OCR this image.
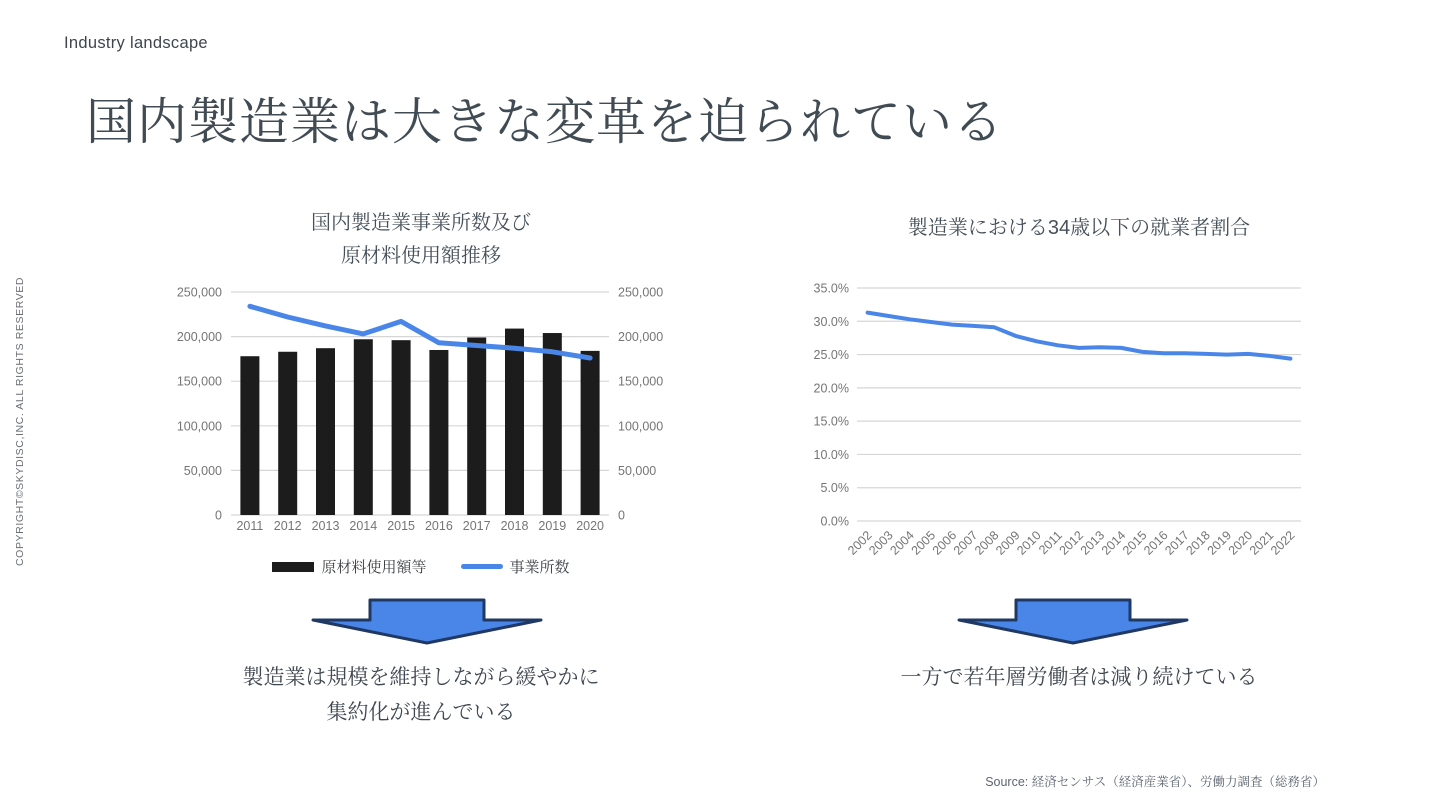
Industry landscape
国内製造業は大きな変革を迫られている
COPYRIGHT©SKYDISC,INC. ALL RIGHTS RESERVED
国内製造業事業所数及び
原材料使用額推移
0	0
50,000	50,000
100,000	100,000
150,000	150,000
200,000	200,000
250,000	250,000
2011 2012 2013 2014 2015 2016 2017 2018 2019 2020
原材料使用額等	事業所数
製造業は規模を維持しながら緩やかに
集約化が進んでいる
製造業における34歳以下の就業者割合
0.0%
5.0%
10.0%
15.0%
20.0%
25.0%
30.0%
35.0%
2002
2003
2004
2005
2006
2007
2008
2009
2010
2011
2012
2013
2014
2015
2016
2017
2018
2019
2020
2021
2022
一方で若年層労働者は減り続けている
Source: 経済センサス（経済産業省）、労働力調査（総務省）
